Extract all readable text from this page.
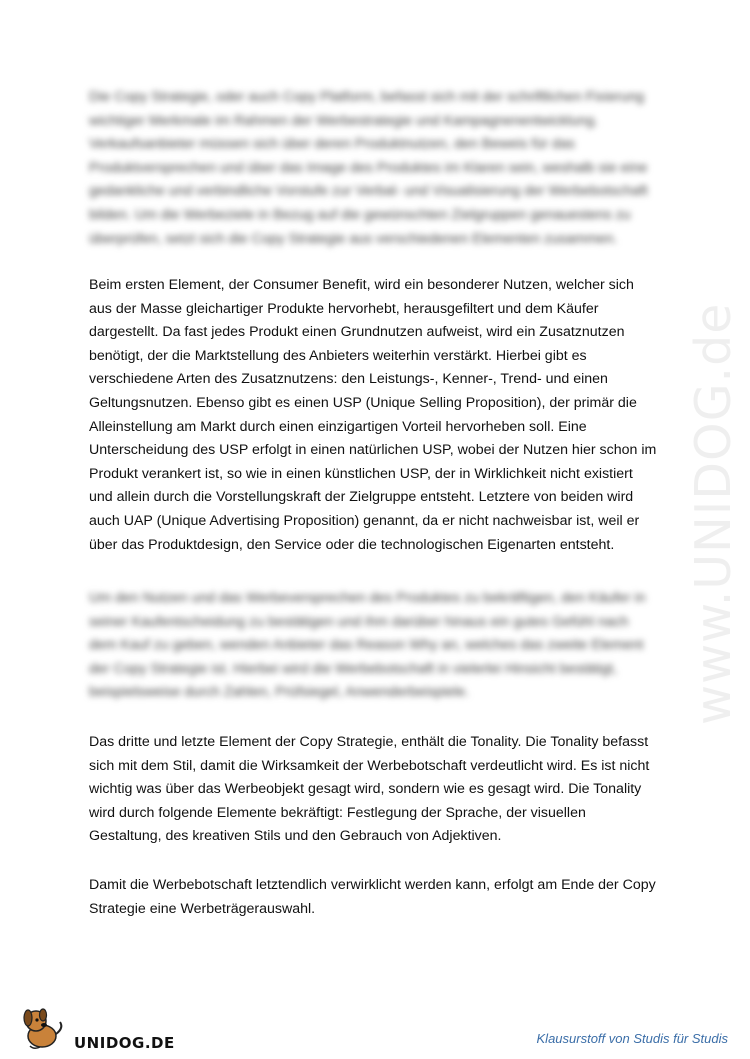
www.UNIDOG.de

Die Copy Strategie, oder auch Copy Platform, befasst sich mit der schriftlichen Fixierung wichtiger Merkmale im Rahmen der Werbestrategie und Kampagnenentwicklung. Verkaufsanbieter müssen sich über deren Produktnutzen, den Beweis für das Produktversprechen und über das Image des Produktes im Klaren sein, weshalb sie eine gedankliche und verbindliche Vorstufe zur Verbal- und Visualisierung der Werbebotschaft bilden. Um die Werbeziele in Bezug auf die gewünschten Zielgruppen genauestens zu überprüfen, setzt sich die Copy Strategie aus verschiedenen Elementen zusammen.

Beim ersten Element, der Consumer Benefit, wird ein besonderer Nutzen, welcher sich aus der Masse gleichartiger Produkte hervorhebt, herausgefiltert und dem Käufer dargestellt. Da fast jedes Produkt einen Grundnutzen aufweist, wird ein Zusatznutzen benötigt, der die Marktstellung des Anbieters weiterhin verstärkt. Hierbei gibt es verschiedene Arten des Zusatznutzens: den Leistungs-, Kenner-, Trend- und einen Geltungsnutzen. Ebenso gibt es einen USP (Unique Selling Proposition), der primär die Alleinstellung am Markt durch einen einzigartigen Vorteil hervorheben soll. Eine Unterscheidung des USP erfolgt in einen natürlichen USP, wobei der Nutzen hier schon im Produkt verankert ist, so wie in einen künstlichen USP, der in Wirklichkeit nicht existiert und allein durch die Vorstellungskraft der Zielgruppe entsteht. Letztere von beiden wird auch UAP (Unique Advertising Proposition) genannt, da er nicht nachweisbar ist, weil er über das Produktdesign, den Service oder die technologischen Eigenarten entsteht.

Um den Nutzen und das Werbeversprechen des Produktes zu bekräftigen, den Käufer in seiner Kaufentscheidung zu bestätigen und ihm darüber hinaus ein gutes Gefühl nach dem Kauf zu geben, wenden Anbieter das Reason Why an, welches das zweite Element der Copy Strategie ist. Hierbei wird die Werbebotschaft in vielerlei Hinsicht bestätigt, beispielsweise durch Zahlen, Prüfsiegel, Anwenderbeispiele.

Das dritte und letzte Element der Copy Strategie, enthält die Tonality. Die Tonality befasst sich mit dem Stil, damit die Wirksamkeit der Werbebotschaft verdeutlicht wird. Es ist nicht wichtig was über das Werbeobjekt gesagt wird, sondern wie es gesagt wird. Die Tonality wird durch folgende Elemente bekräftigt: Festlegung der Sprache, der visuellen Gestaltung, des kreativen Stils und den Gebrauch von Adjektiven.

Damit die Werbebotschaft letztendlich verwirklicht werden kann, erfolgt am Ende der Copy Strategie eine Werbeträgerauswahl.

UNIDOG.DE	Klausurstoff von Studis für Studis
